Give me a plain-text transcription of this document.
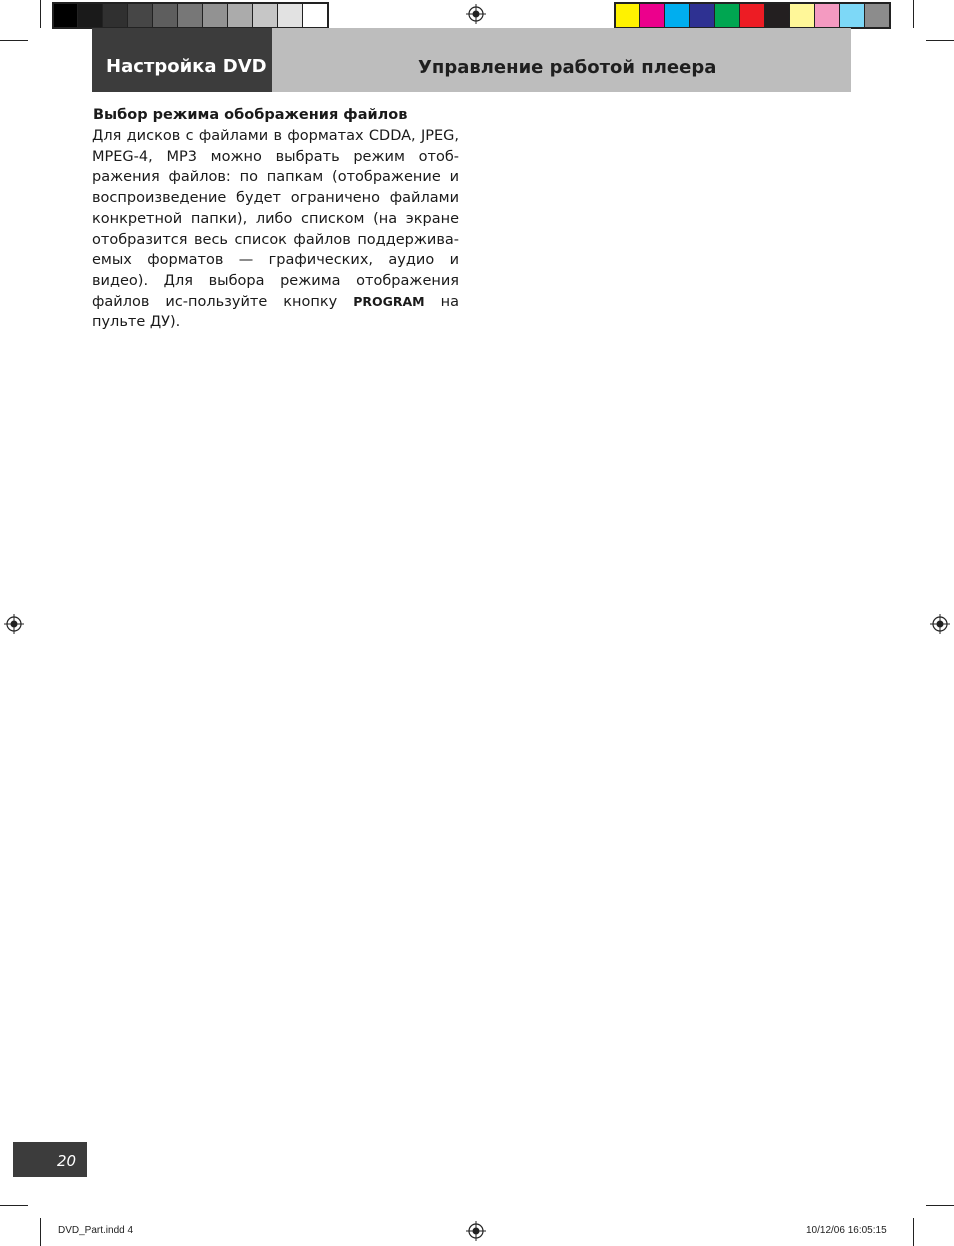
Настройка DVD	Управление работой плеера
Выбор режима обображения файлов

Для дисков с файлами в форматах CDDA, JPEG, MPEG-4, MP3 можно выбрать режим отоб-ражения файлов: по папкам (отображение и воспроизведение будет ограничено файлами конкретной папки), либо списком (на экране отобразится весь список файлов поддержива-емых форматов — графических, аудио и видео). Для выбора режима отображения файлов ис-пользуйте кнопку PROGRAM на пульте ДУ).

20
DVD_Part.indd 4	10/12/06 16:05:15
